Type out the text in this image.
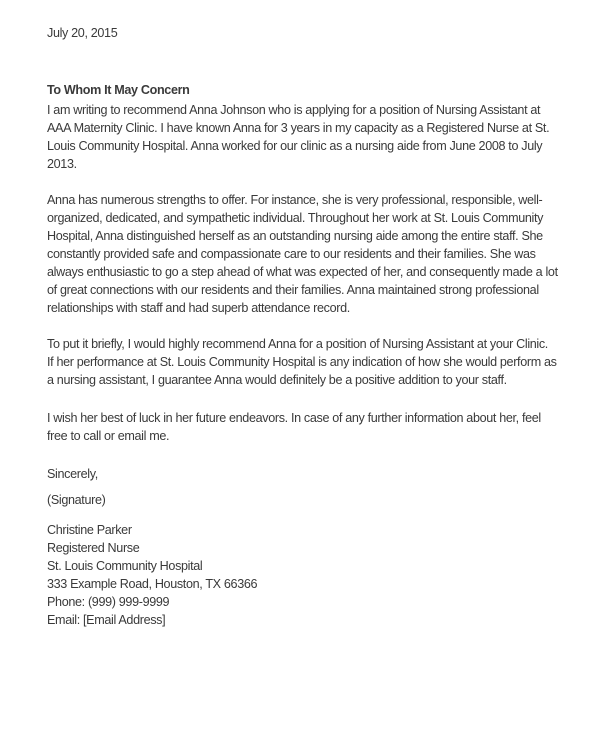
July 20, 2015
To Whom It May Concern
I am writing to recommend Anna Johnson who is applying for a position of Nursing Assistant at
AAA Maternity Clinic. I have known Anna for 3 years in my capacity as a Registered Nurse at St.
Louis Community Hospital. Anna worked for our clinic as a nursing aide from June 2008 to July
2013.
Anna has numerous strengths to offer. For instance, she is very professional, responsible, well-
organized, dedicated, and sympathetic individual. Throughout her work at St. Louis Community
Hospital, Anna distinguished herself as an outstanding nursing aide among the entire staff. She
constantly provided safe and compassionate care to our residents and their families. She was
always enthusiastic to go a step ahead of what was expected of her, and consequently made a lot
of great connections with our residents and their families. Anna maintained strong professional
relationships with staff and had superb attendance record.
To put it briefly, I would highly recommend Anna for a position of Nursing Assistant at your Clinic.
If her performance at St. Louis Community Hospital is any indication of how she would perform as
a nursing assistant, I guarantee Anna would definitely be a positive addition to your staff.
I wish her best of luck in her future endeavors. In case of any further information about her, feel
free to call or email me.
Sincerely,
(Signature)
Christine Parker
Registered Nurse
St. Louis Community Hospital
333 Example Road, Houston, TX 66366
Phone: (999) 999-9999
Email: [Email Address]
